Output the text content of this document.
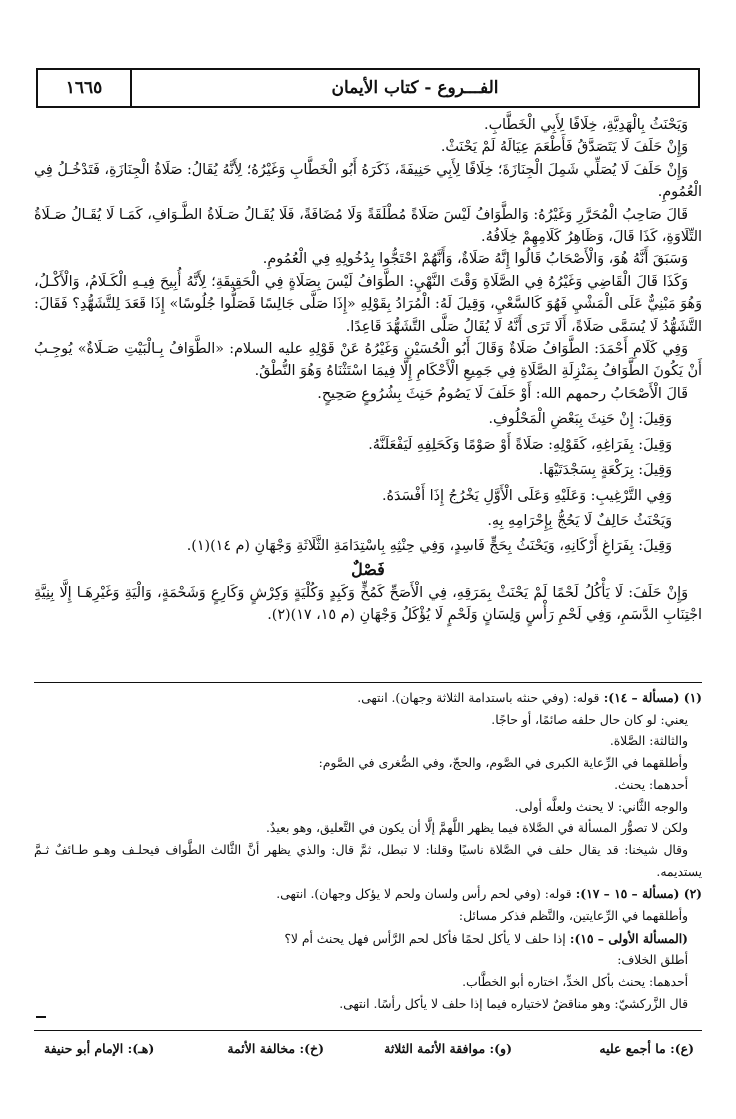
الفـــروع - كتاب الأيمان
١٦٦٥

وَيَحْنَثُ بِالْهَدِيَّةِ، خِلَافًا لِأَبِي الْخَطَّابِ.

وَإِنْ حَلَفَ لَا يَتَصَدَّقُ فَأَطْعَمَ عِيَالَهُ لَمْ يَحْنَثْ.

وَإِنْ حَلَفَ لَا يُصَلِّي شَمِلَ الْجِنَازَةَ؛ خِلَافًا لِأَبِي حَنِيفَةَ، ذَكَرَهُ أَبُو الْخَطَّابِ وَغَيْرُهُ؛ لِأَنَّهُ يُقَالُ: صَلَاةُ الْجِنَازَةِ، فَتَدْخُـلُ فِي الْعُمُومِ.

قَالَ صَاحِبُ الْمُحَرَّرِ وَغَيْرُهُ: وَالطَّوَافُ لَيْسَ صَلَاةً مُطْلَقَةً وَلَا مُضَافَةً، فَلَا يُقَـالُ صَـلَاةُ الطَّـوَافِ، كَمَـا لَا يُقَـالُ صَـلَاةُ التِّلَاوَةِ، كَذَا قَالَ، وَظَاهِرُ كَلَامِهِمْ خِلَافُهُ.

وَسَبَقَ أَنَّهُ هُوَ، وَالْأَصْحَابُ قَالُوا إِنَّهُ صَلَاةٌ، وَأَنَّهُمْ احْتَجُّوا بِدُخُولِهِ فِي الْعُمُومِ.

وَكَذَا قَالَ الْقَاضِي وَغَيْرُهُ فِي الصَّلَاةِ وَقْتَ النَّهْيِ: الطَّوَافُ لَيْسَ بِصَلَاةٍ فِي الْحَقِيقَةِ؛ لِأَنَّهُ أُبِيحَ فِيـهِ الْكَـلَامُ، وَالْأَكْـلُ، وَهُوَ مَبْنِيٌّ عَلَى الْمَشْيِ فَهُوَ كَالسَّعْيِ، وَقِيلَ لَهُ: الْمُرَادُ بِقَوْلِهِ «إِذَا صَلَّى جَالِسًا فَصَلُّوا جُلُوسًا» إِذَا قَعَدَ لِلتَّشَهُّدِ؟ فَقَالَ: التَّشَهُّدُ لَا يُسَمَّى صَلَاةً، أَلَا تَرَى أَنَّهُ لَا يُقَالُ صَلَّى التَّشَهُّدَ قَاعِدًا.

وَفِي كَلَامِ أَحْمَدَ: الطَّوَافُ صَلَاةٌ وَقَالَ أَبُو الْحُسَيْنِ وَغَيْرُهُ عَنْ قَوْلِهِ عليه السلام: «الطَّوَافُ بِـالْبَيْتِ صَـلَاةٌ» يُوجِـبُ أَنْ يَكُونَ الطَّوَافُ بِمَنْزِلَةِ الصَّلَاةِ فِي جَمِيعِ الْأَحْكَامِ إِلَّا فِيمَا اسْتَثْنَاهُ وَهُوَ النُّطْقُ.

قَالَ الْأَصْحَابُ رحمهم الله: أَوْ حَلَفَ لَا يَصُومُ حَنِثَ بِشُرُوعٍ صَحِيحٍ.

وَقِيلَ: إِنْ حَنِثَ بِبَعْضِ الْمَحْلُوفِ.

وَقِيلَ: بِفَرَاغِهِ، كَقَوْلِهِ: صَلَاةً أَوْ صَوْمًا وَكَحَلِفِهِ لَيَفْعَلَنَّهُ.

وَقِيلَ: بِرَكْعَةٍ بِسَجْدَتَيْهَا.

وَفِي التَّرْغِيبِ: وَعَلَيْهِ وَعَلَى الْأَوَّلِ يَخْرُجُ إِذَا أَفْسَدَهُ.

وَيَحْنَثُ حَالِفٌ لَا يَحُجُّ بِإِحْرَامِهِ بِهِ.

وَقِيلَ: بِفَرَاغِ أَرْكَانِهِ، وَيَحْنَثُ بِحَجٍّ فَاسِدٍ، وَفِي حِنْثِهِ بِاسْتِدَامَةِ الثَّلَاثَةِ وَجْهَانِ (م ١٤)(١).

فَصْلٌ

وَإِنْ حَلَفَ: لَا يَأْكُلُ لَحْمًا لَمْ يَحْنَثْ بِمَرَقِهِ، فِي الْأَصَحِّ كَمُخٍّ وَكَبِدٍ وَكُلْيَةٍ وَكِرْشٍ وَكَارِعٍ وَشَحْمَةٍ، وَالْيَةِ وَغَيْرِهَـا إِلَّا بِنِيَّةِ اجْتِنَابِ الدَّسَمِ، وَفِي لَحْمِ رَأْسٍ وَلِسَانٍ وَلَحْمٍ لَا يُؤْكَلُ وَجْهَانِ (م ١٥، ١٧)(٢).

(١) (مسألة – ١٤): قوله: (وفي حنثه باستدامة الثلاثة وجهان). انتهى.

يعني: لو كان حال حلفه صائمًا، أو حاجًا.

والثالثة: الصَّلاة.

وأطلقهما في الرِّعاية الكبرى في الصَّوم، والحجّ، وفي الصُّغرى في الصَّوم:

أحدهما: يحنث.

والوجه الثَّاني: لا يحنث ولعلَّه أولى.

ولكن لا تصوُّر المسألة في الصَّلاة فيما يظهر اللَّهمَّ إلَّا أن يكون في التَّعليق، وهو بعيدٌ.

وقال شيخنا: قد يقال حلف في الصَّلاة ناسيًا وقلنا: لا تبطل، ثمَّ قال: والذي يظهر أنَّ الثَّالث الطَّواف فيحلـف وهـو طـائفٌ ثـمَّ يستديمه.

(٢) (مسألة – ١٥ – ١٧): قوله: (وفي لحم رأس ولسان ولحم لا يؤكل وجهان). انتهى.

وأطلقهما في الرِّعايتين، والنَّظم فذكر مسائل:

(المسألة الأولى – ١٥): إذا حلف لا يأكل لحمًا فأكل لحم الرَّأس فهل يحنث أم لا؟

أطلق الخلاف:

أحدهما: يحنث بأكل الخدِّ، اختاره أبو الخطَّاب.

قال الزَّركشيّ: وهو مناقضٌ لاختياره فيما إذا حلف لا يأكل رأسًا. انتهى.

(ع): ما أجمع عليه
(و): موافقة الأئمة الثلاثة
(خ): مخالفة الأئمة
(هـ): الإمام أبو حنيفة
